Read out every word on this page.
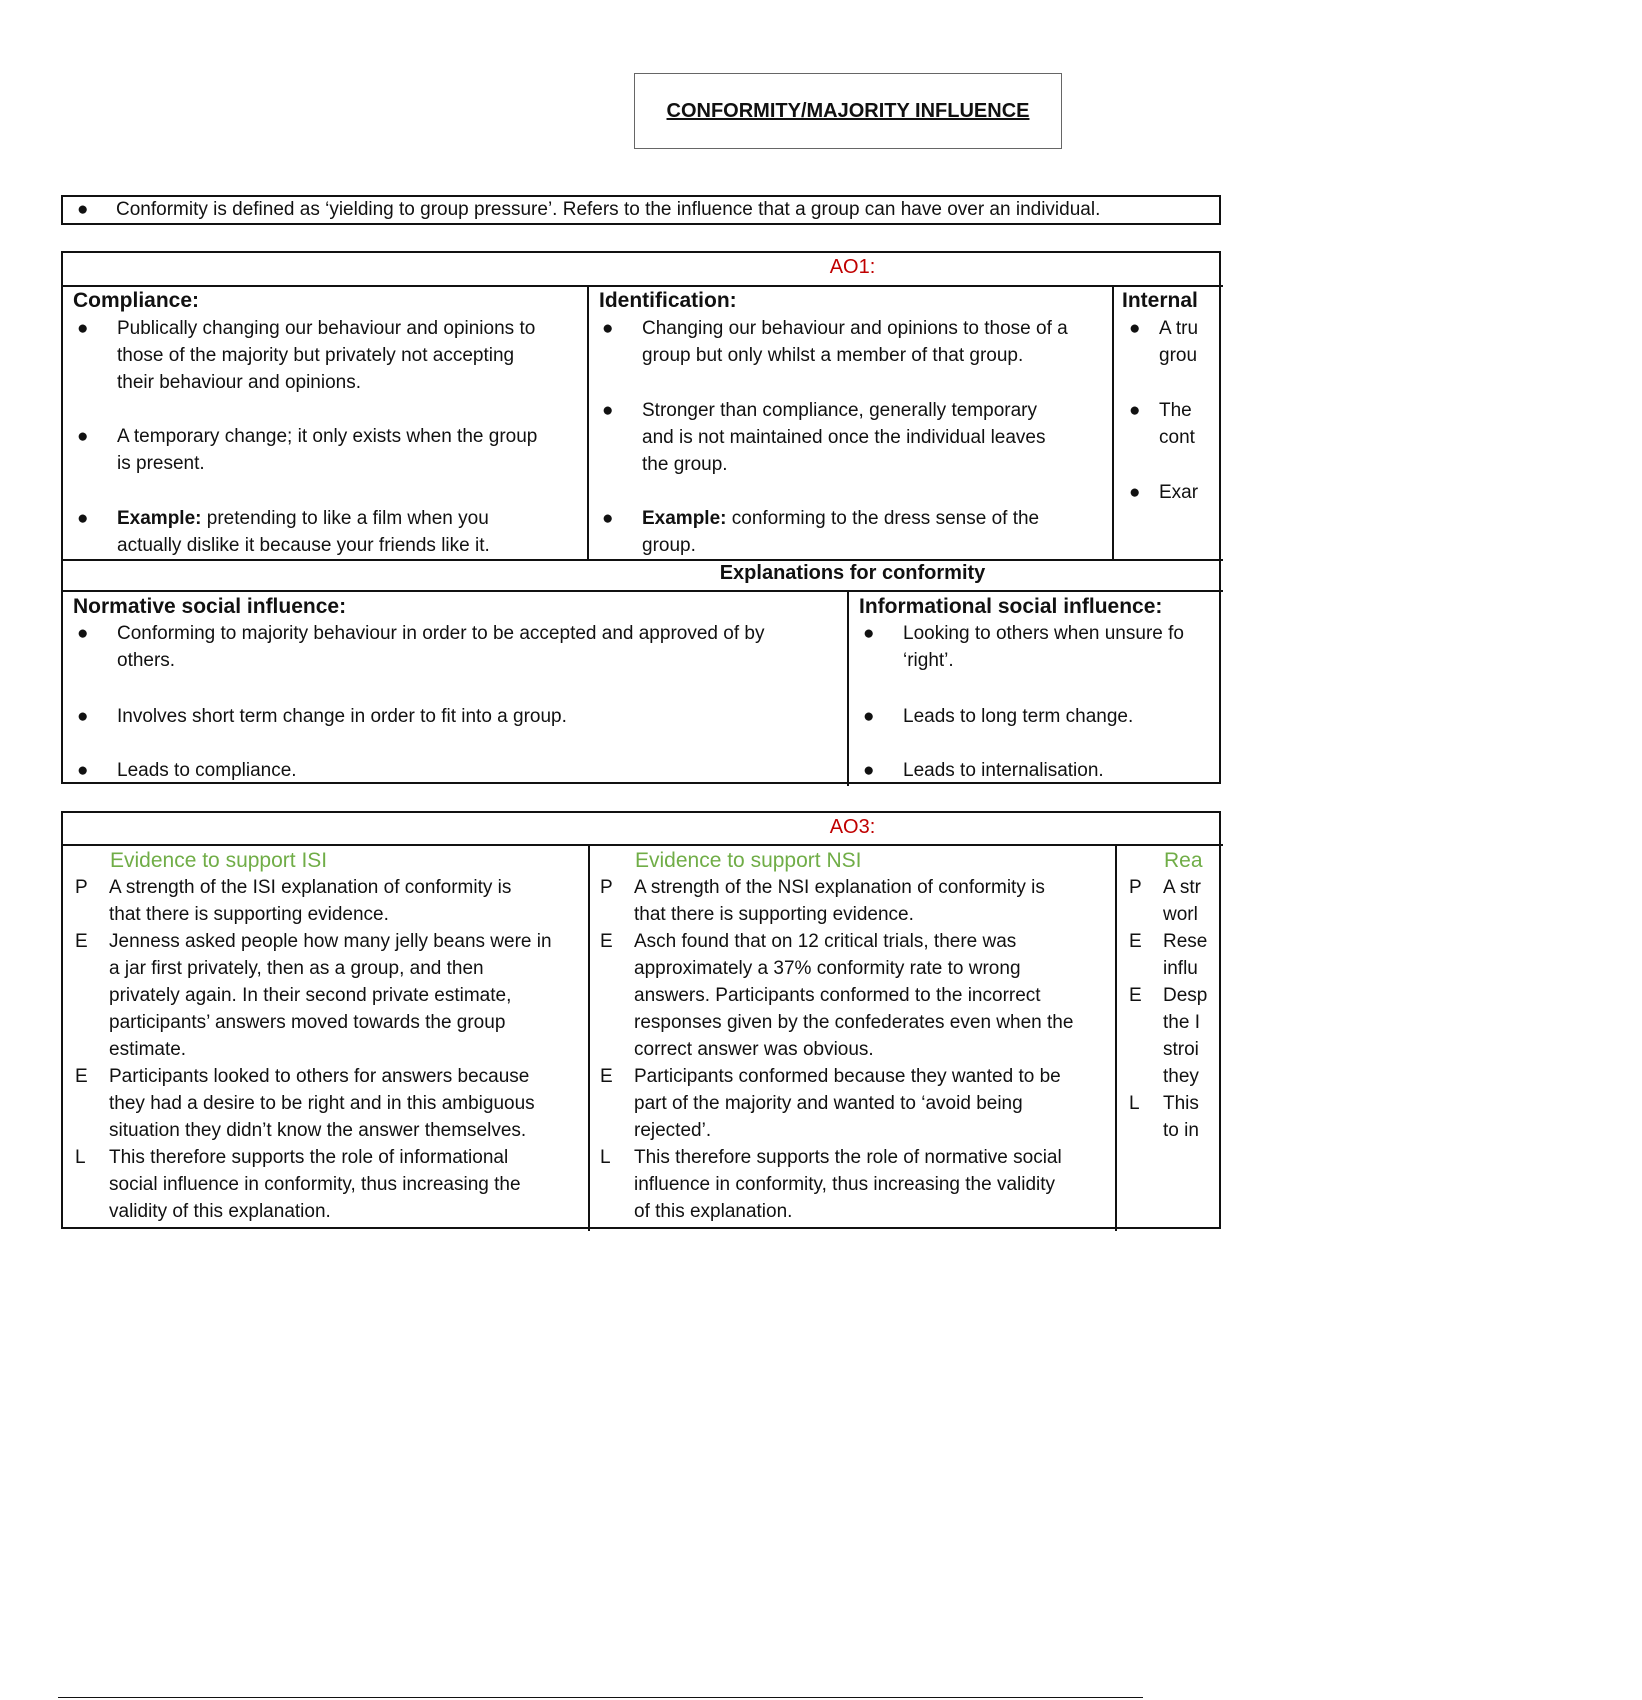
CONFORMITY/MAJORITY INFLUENCE
● Conformity is defined as ‘yielding to group pressure’. Refers to the influence that a group can have over an individual.
AO1:
Compliance:
● Publically changing our behaviour and opinions to
those of the majority but privately not accepting
their behaviour and opinions.
● A temporary change; it only exists when the group
is present.
● Example: pretending to like a film when you
actually dislike it because your friends like it.
Identification:
● Changing our behaviour and opinions to those of a
group but only whilst a member of that group.
● Stronger than compliance, generally temporary
and is not maintained once the individual leaves
the group.
● Example: conforming to the dress sense of the
group.
Internal
● A tru
grou
● The
cont
● Exar
Explanations for conformity
Normative social influence:
● Conforming to majority behaviour in order to be accepted and approved of by
others.
● Involves short term change in order to fit into a group.
● Leads to compliance.
Informational social influence:
● Looking to others when unsure fo
‘right’.
● Leads to long term change.
● Leads to internalisation.
AO3:
Evidence to support ISI
P A strength of the ISI explanation of conformity is
that there is supporting evidence.
E Jenness asked people how many jelly beans were in
a jar first privately, then as a group, and then
privately again. In their second private estimate,
participants’ answers moved towards the group
estimate.
E Participants looked to others for answers because
they had a desire to be right and in this ambiguous
situation they didn’t know the answer themselves.
L This therefore supports the role of informational
social influence in conformity, thus increasing the
validity of this explanation.
Evidence to support NSI
P A strength of the NSI explanation of conformity is
that there is supporting evidence.
E Asch found that on 12 critical trials, there was
approximately a 37% conformity rate to wrong
answers. Participants conformed to the incorrect
responses given by the confederates even when the
correct answer was obvious.
E Participants conformed because they wanted to be
part of the majority and wanted to ‘avoid being
rejected’.
L This therefore supports the role of normative social
influence in conformity, thus increasing the validity
of this explanation.
Rea
P A str
worl
E Rese
influ
E Desp
the I
stroi
they
L This
to in
